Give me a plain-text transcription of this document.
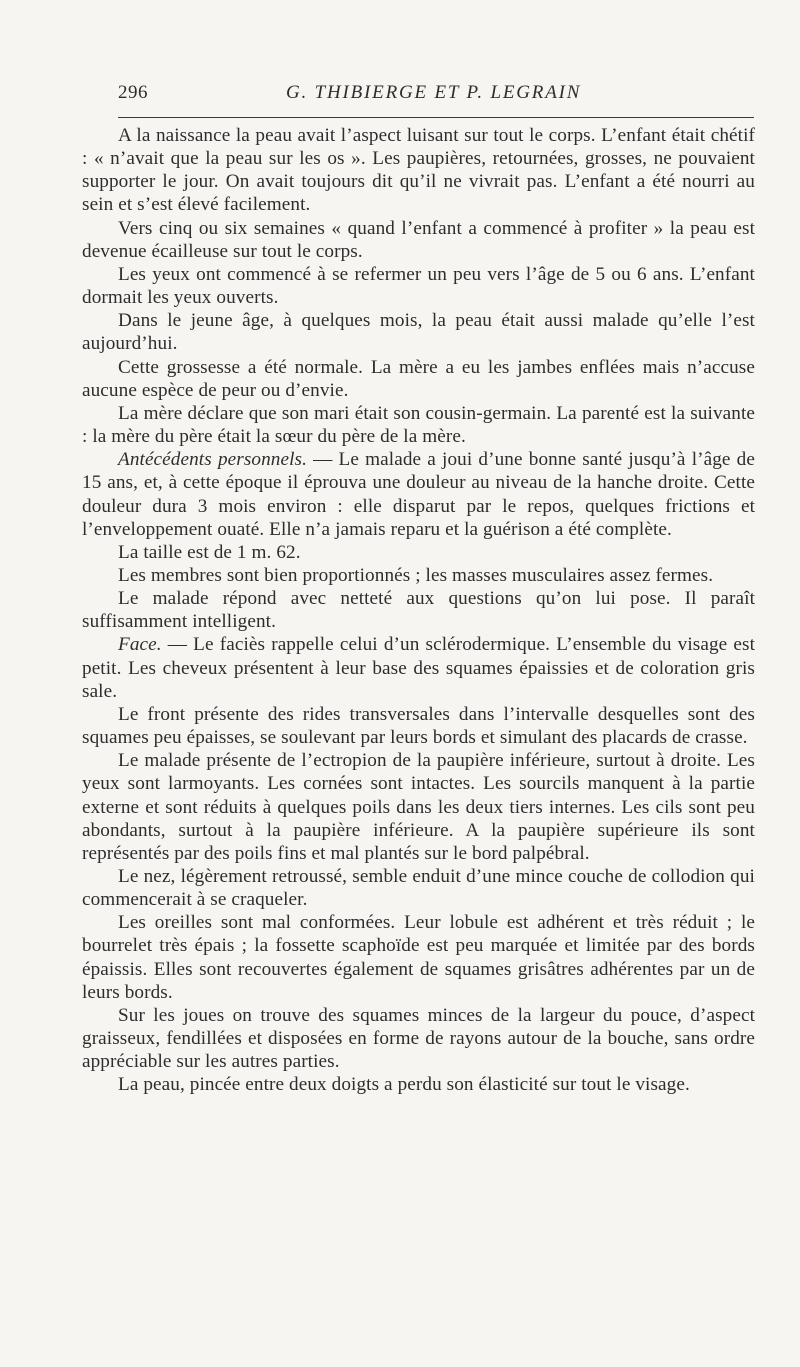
296	G. THIBIERGE ET P. LEGRAIN

A la naissance la peau avait l’aspect luisant sur tout le corps. L’enfant était chétif : « n’avait que la peau sur les os ». Les paupières, retournées, grosses, ne pouvaient supporter le jour. On avait toujours dit qu’il ne vivrait pas. L’enfant a été nourri au sein et s’est élevé facilement.

Vers cinq ou six semaines « quand l’enfant a commencé à profiter » la peau est devenue écailleuse sur tout le corps.

Les yeux ont commencé à se refermer un peu vers l’âge de 5 ou 6 ans. L’enfant dormait les yeux ouverts.

Dans le jeune âge, à quelques mois, la peau était aussi malade qu’elle l’est aujourd’hui.

Cette grossesse a été normale. La mère a eu les jambes enflées mais n’accuse aucune espèce de peur ou d’envie.

La mère déclare que son mari était son cousin-germain. La parenté est la suivante : la mère du père était la sœur du père de la mère.

Antécédents personnels. — Le malade a joui d’une bonne santé jusqu’à l’âge de 15 ans, et, à cette époque il éprouva une douleur au niveau de la hanche droite. Cette douleur dura 3 mois environ : elle disparut par le repos, quelques frictions et l’enveloppement ouaté. Elle n’a jamais reparu et la guérison a été complète.

La taille est de 1 m. 62.

Les membres sont bien proportionnés ; les masses musculaires assez fermes.

Le malade répond avec netteté aux questions qu’on lui pose. Il paraît suffisamment intelligent.

Face. — Le faciès rappelle celui d’un sclérodermique. L’ensemble du visage est petit. Les cheveux présentent à leur base des squames épaissies et de coloration gris sale.

Le front présente des rides transversales dans l’intervalle desquelles sont des squames peu épaisses, se soulevant par leurs bords et simulant des placards de crasse.

Le malade présente de l’ectropion de la paupière inférieure, surtout à droite. Les yeux sont larmoyants. Les cornées sont intactes. Les sourcils manquent à la partie externe et sont réduits à quelques poils dans les deux tiers internes. Les cils sont peu abondants, surtout à la paupière inférieure. A la paupière supérieure ils sont représentés par des poils fins et mal plantés sur le bord palpébral.

Le nez, légèrement retroussé, semble enduit d’une mince couche de collodion qui commencerait à se craqueler.

Les oreilles sont mal conformées. Leur lobule est adhérent et très réduit ; le bourrelet très épais ; la fossette scaphoïde est peu marquée et limitée par des bords épaissis. Elles sont recouvertes également de squames grisâtres adhérentes par un de leurs bords.

Sur les joues on trouve des squames minces de la largeur du pouce, d’aspect graisseux, fendillées et disposées en forme de rayons autour de la bouche, sans ordre appréciable sur les autres parties.

La peau, pincée entre deux doigts a perdu son élasticité sur tout le visage.
